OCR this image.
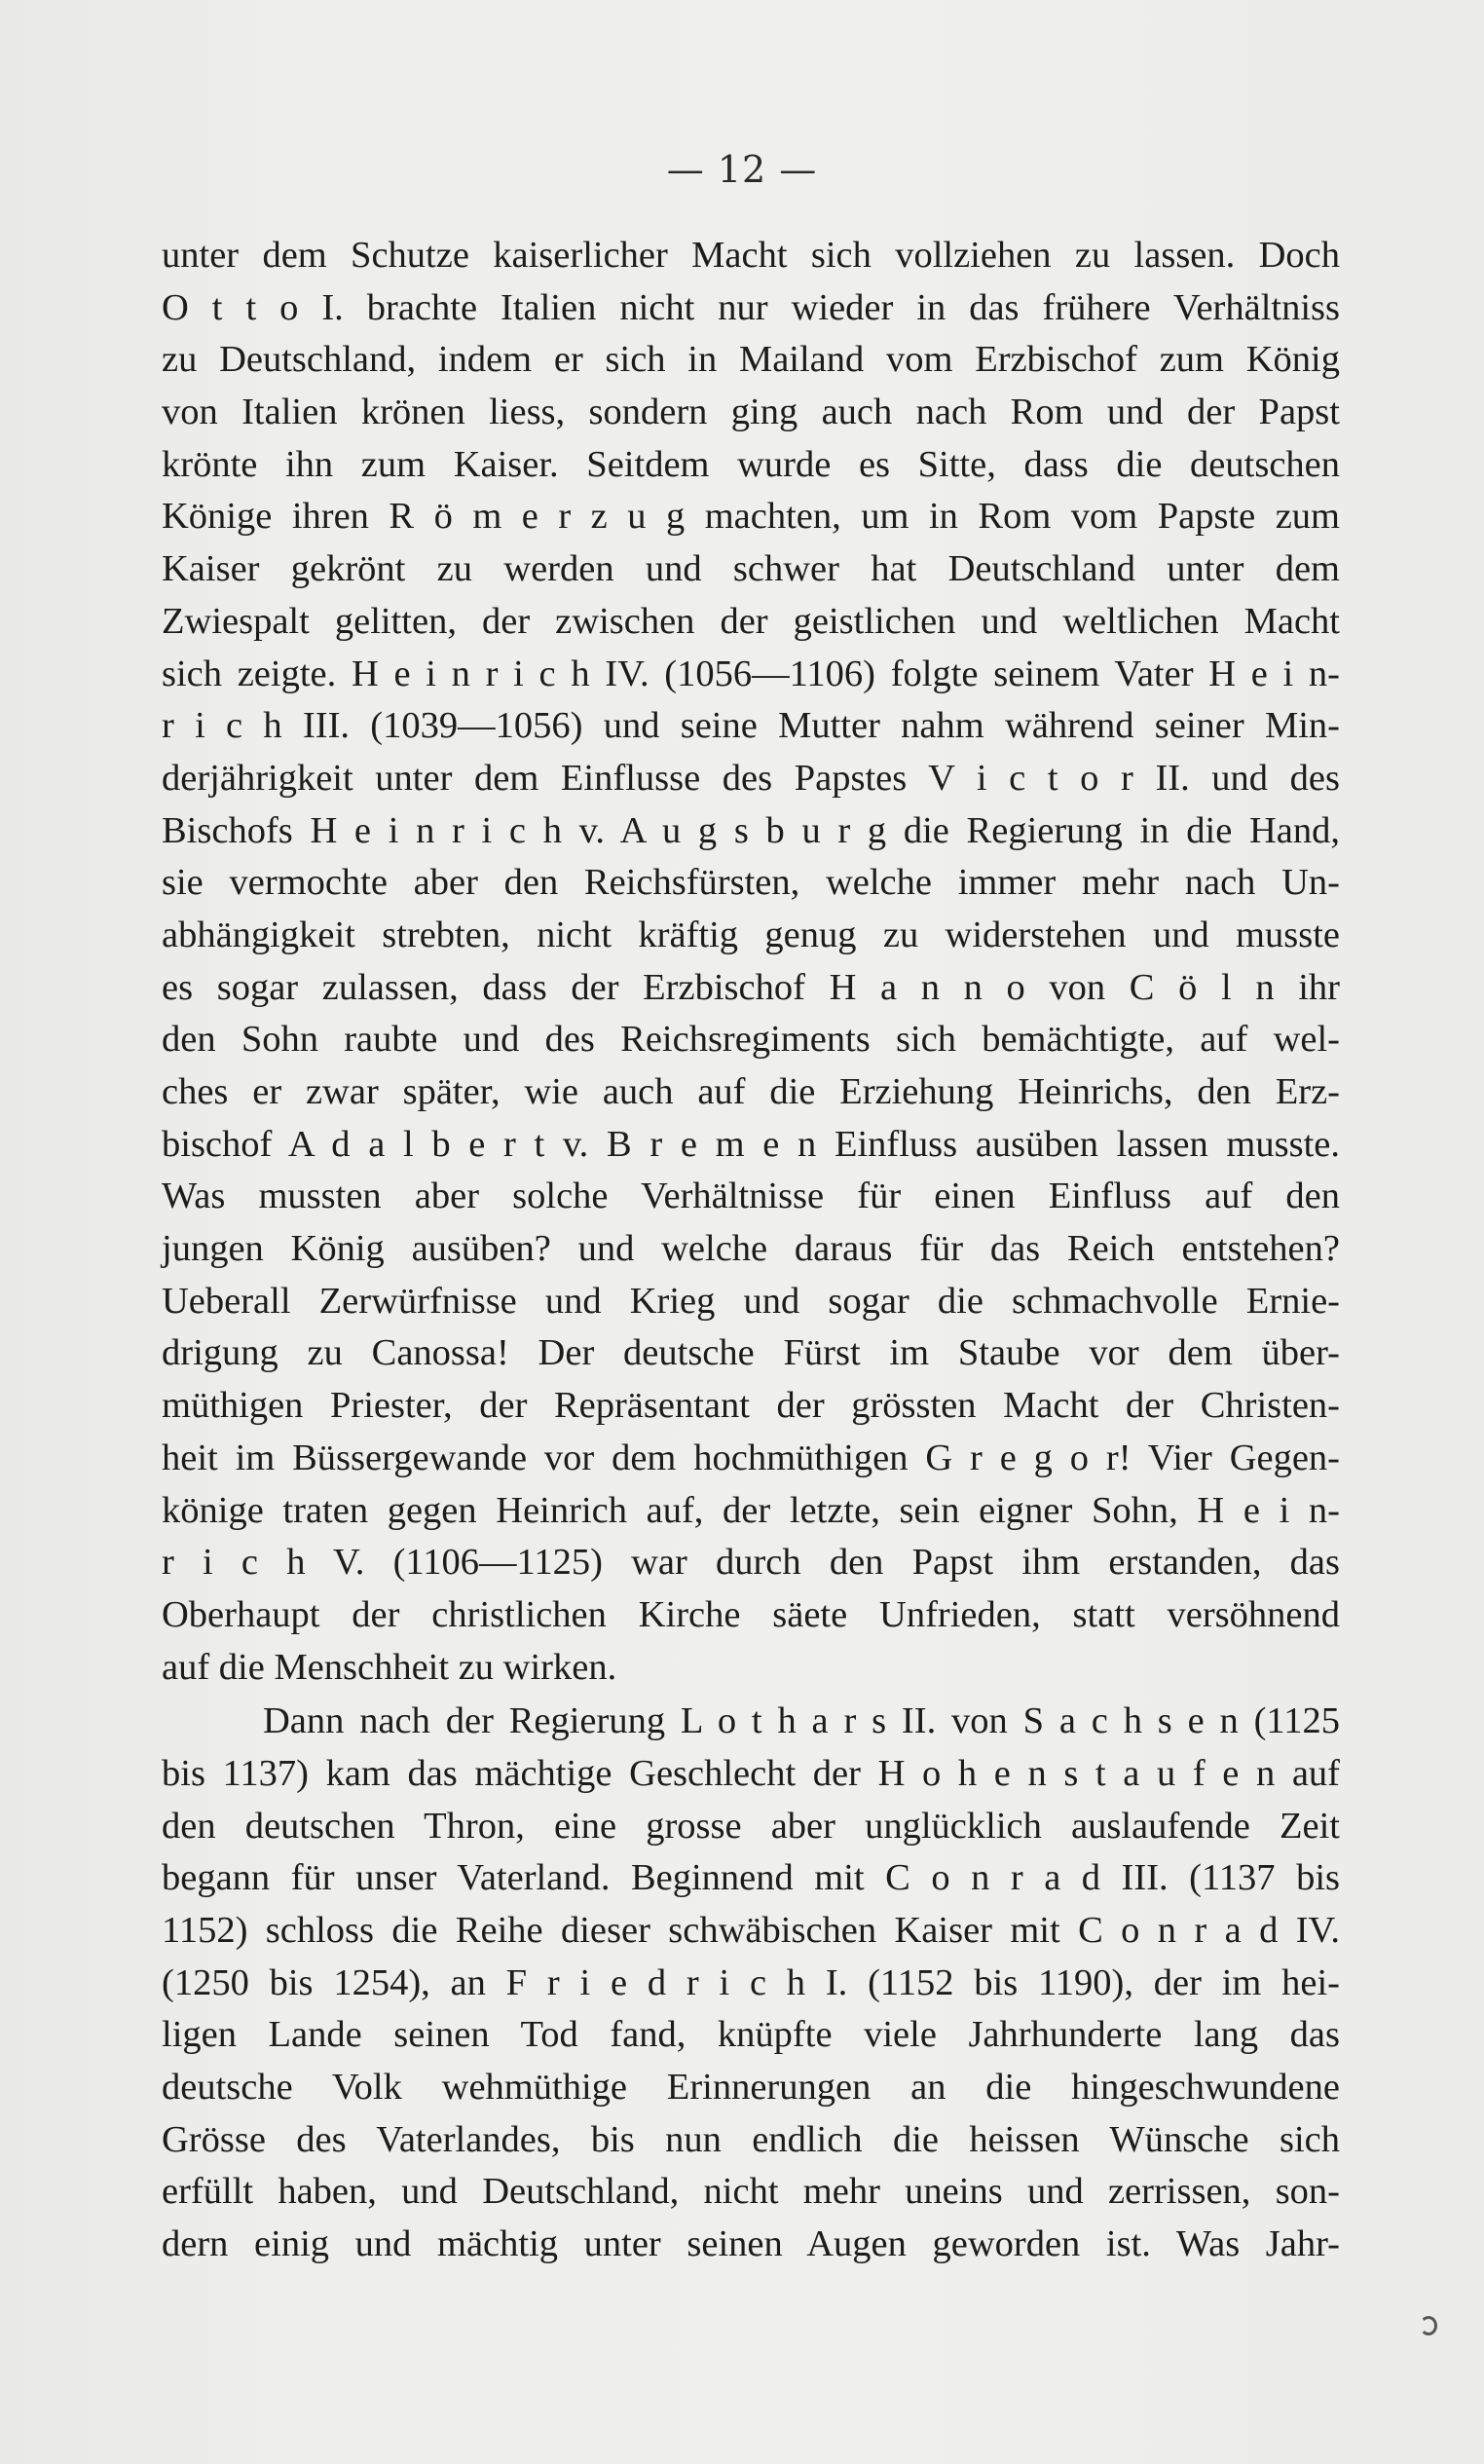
— 12 —
unter dem Schutze kaiserlicher Macht sich vollziehen zu lassen. Doch
O t t o I. brachte Italien nicht nur wieder in das frühere Verhältniss
zu Deutschland, indem er sich in Mailand vom Erzbischof zum König
von Italien krönen liess, sondern ging auch nach Rom und der Papst
krönte ihn zum Kaiser. Seitdem wurde es Sitte, dass die deutschen
Könige ihren R ö m e r z u g machten, um in Rom vom Papste zum
Kaiser gekrönt zu werden und schwer hat Deutschland unter dem
Zwiespalt gelitten, der zwischen der geistlichen und weltlichen Macht
sich zeigte. H e i n r i c h IV. (1056—1106) folgte seinem Vater H e i n-
r i c h III. (1039—1056) und seine Mutter nahm während seiner Min-
derjährigkeit unter dem Einflusse des Papstes V i c t o r II. und des
Bischofs H e i n r i c h v. A u g s b u r g die Regierung in die Hand,
sie vermochte aber den Reichsfürsten, welche immer mehr nach Un-
abhängigkeit strebten, nicht kräftig genug zu widerstehen und musste
es sogar zulassen, dass der Erzbischof H a n n o von C ö l n ihr
den Sohn raubte und des Reichsregiments sich bemächtigte, auf wel-
ches er zwar später, wie auch auf die Erziehung Heinrichs, den Erz-
bischof A d a l b e r t v. B r e m e n Einfluss ausüben lassen musste.
Was mussten aber solche Verhältnisse für einen Einfluss auf den
jungen König ausüben? und welche daraus für das Reich entstehen?
Ueberall Zerwürfnisse und Krieg und sogar die schmachvolle Ernie-
drigung zu Canossa! Der deutsche Fürst im Staube vor dem über-
müthigen Priester, der Repräsentant der grössten Macht der Christen-
heit im Büssergewande vor dem hochmüthigen G r e g o r! Vier Gegen-
könige traten gegen Heinrich auf, der letzte, sein eigner Sohn, H e i n-
r i c h V. (1106—1125) war durch den Papst ihm erstanden, das
Oberhaupt der christlichen Kirche säete Unfrieden, statt versöhnend
auf die Menschheit zu wirken.
Dann nach der Regierung L o t h a r s II. von S a c h s e n (1125
bis 1137) kam das mächtige Geschlecht der H o h e n s t a u f e n auf
den deutschen Thron, eine grosse aber unglücklich auslaufende Zeit
begann für unser Vaterland. Beginnend mit C o n r a d III. (1137 bis
1152) schloss die Reihe dieser schwäbischen Kaiser mit C o n r a d IV.
(1250 bis 1254), an F r i e d r i c h I. (1152 bis 1190), der im hei-
ligen Lande seinen Tod fand, knüpfte viele Jahrhunderte lang das
deutsche Volk wehmüthige Erinnerungen an die hingeschwundene
Grösse des Vaterlandes, bis nun endlich die heissen Wünsche sich
erfüllt haben, und Deutschland, nicht mehr uneins und zerrissen, son-
dern einig und mächtig unter seinen Augen geworden ist. Was Jahr-
